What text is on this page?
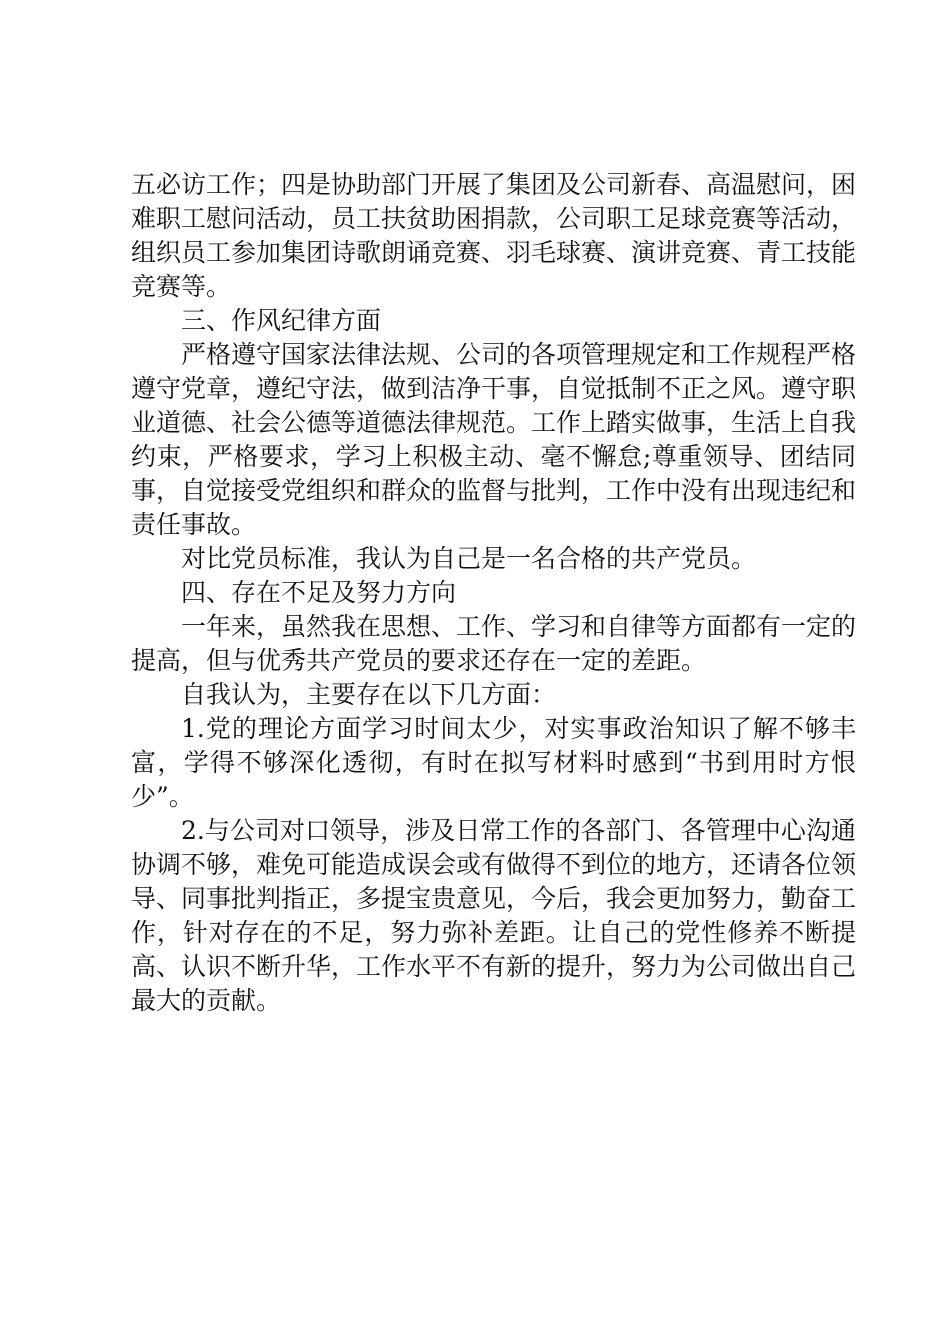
五必访工作；四是协助部门开展了集团及公司新春、高温慰问，困难职工慰问活动，员工扶贫助困捐款，公司职工足球竞赛等活动，组织员工参加集团诗歌朗诵竞赛、羽毛球赛、演讲竞赛、青工技能竞赛等。

三、作风纪律方面

严格遵守国家法律法规、公司的各项管理规定和工作规程严格遵守党章，遵纪守法，做到洁净干事，自觉抵制不正之风。遵守职业道德、社会公德等道德法律规范。工作上踏实做事，生活上自我约束，严格要求，学习上积极主动、毫不懈怠;尊重领导、团结同事，自觉接受党组织和群众的监督与批判，工作中没有出现违纪和责任事故。

对比党员标准，我认为自己是一名合格的共产党员。

四、存在不足及努力方向

一年来，虽然我在思想、工作、学习和自律等方面都有一定的提高，但与优秀共产党员的要求还存在一定的差距。

自我认为，主要存在以下几方面：

1.党的理论方面学习时间太少，对实事政治知识了解不够丰富，学得不够深化透彻，有时在拟写材料时感到“书到用时方恨少”。

2.与公司对口领导，涉及日常工作的各部门、各管理中心沟通协调不够，难免可能造成误会或有做得不到位的地方，还请各位领导、同事批判指正，多提宝贵意见，今后，我会更加努力，勤奋工作，针对存在的不足，努力弥补差距。让自己的党性修养不断提高、认识不断升华，工作水平不有新的提升，努力为公司做出自己最大的贡献。
